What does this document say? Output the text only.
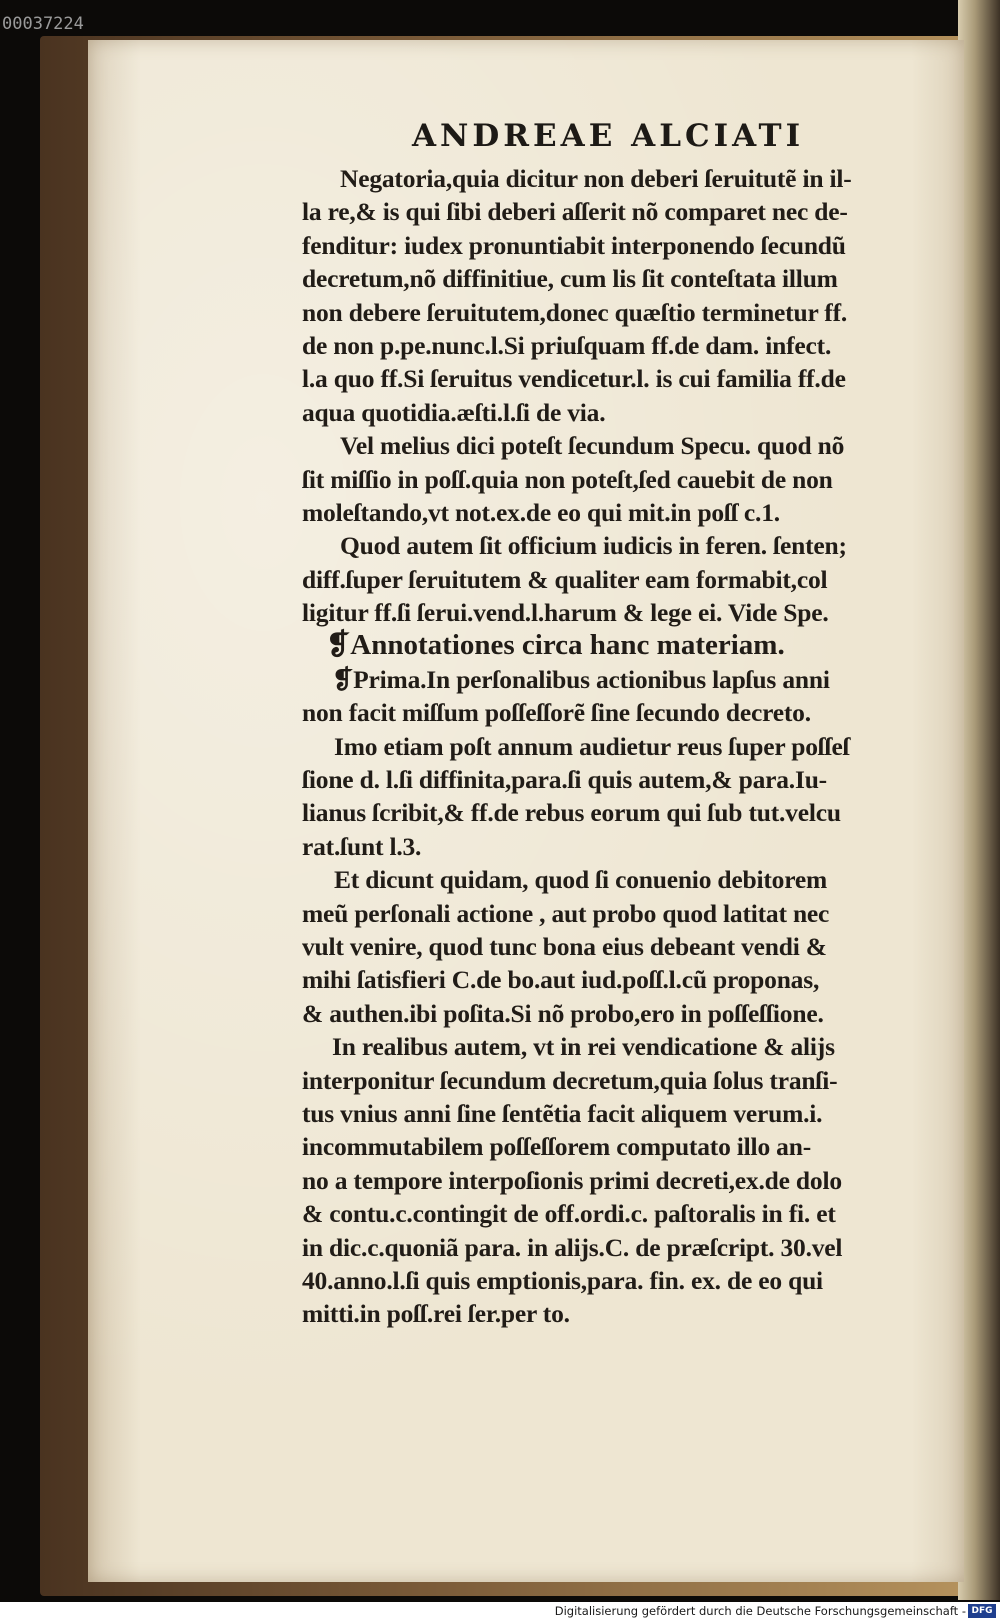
00037224
ANDREAE ALCIATI
Negatoria,quia dicitur non deberi ſeruitutẽ in il-
la re,& is qui ſibi deberi aſſerit nõ comparet nec de-
fenditur: iudex pronuntiabit interponendo ſecundũ
decretum,nõ diffinitiue, cum lis ſit conteſtata illum
non debere ſeruitutem,donec quæſtio terminetur ff.
de non p.pe.nunc.l.Si priuſquam ff.de dam. infect.
l.a quo ff.Si ſeruitus vendicetur.l. is cui familia ff.de
aqua quotidia.æſti.l.ſi de via.
Vel melius dici poteſt ſecundum Specu. quod nõ
ſit miſſio in poſſ.quia non poteſt,ſed cauebit de non
moleſtando,vt not.ex.de eo qui mit.in poſſ c.1.
Quod autem ſit officium iudicis in feren. ſenten;
diff.ſuper ſeruitutem & qualiter eam formabit,col
ligitur ff.ſi ſerui.vend.l.harum & lege ei. Vide Spe.
❡Annotationes circa hanc materiam.
❡Prima.In perſonalibus actionibus lapſus anni
non facit miſſum poſſeſſorẽ ſine ſecundo decreto.
Imo etiam poſt annum audietur reus ſuper poſſeſ
ſione d. l.ſi diffinita,para.ſi quis autem,& para.Iu-
lianus ſcribit,& ff.de rebus eorum qui ſub tut.velcu
rat.ſunt l.3.
Et dicunt quidam, quod ſi conuenio debitorem
meũ perſonali actione , aut probo quod latitat nec
vult venire, quod tunc bona eius debeant vendi &
mihi ſatisfieri C.de bo.aut iud.poſſ.l.cũ proponas,
& authen.ibi poſita.Si nõ probo,ero in poſſeſſione.
In realibus autem, vt in rei vendicatione & alijs
interponitur ſecundum decretum,quia ſolus tranſi-
tus vnius anni ſine ſentẽtia facit aliquem verum.i.
incommutabilem poſſeſſorem computato illo an-
no a tempore interpoſionis primi decreti,ex.de dolo
& contu.c.contingit de off.ordi.c. paſtoralis in fi. et
in dic.c.quoniã para. in alijs.C. de præſcript. 30.vel
40.anno.l.ſi quis emptionis,para. fin. ex. de eo qui
mitti.in poſſ.rei ſer.per to.
Digitalisierung gefördert durch die Deutsche Forschungsgemeinschaft - DFG
